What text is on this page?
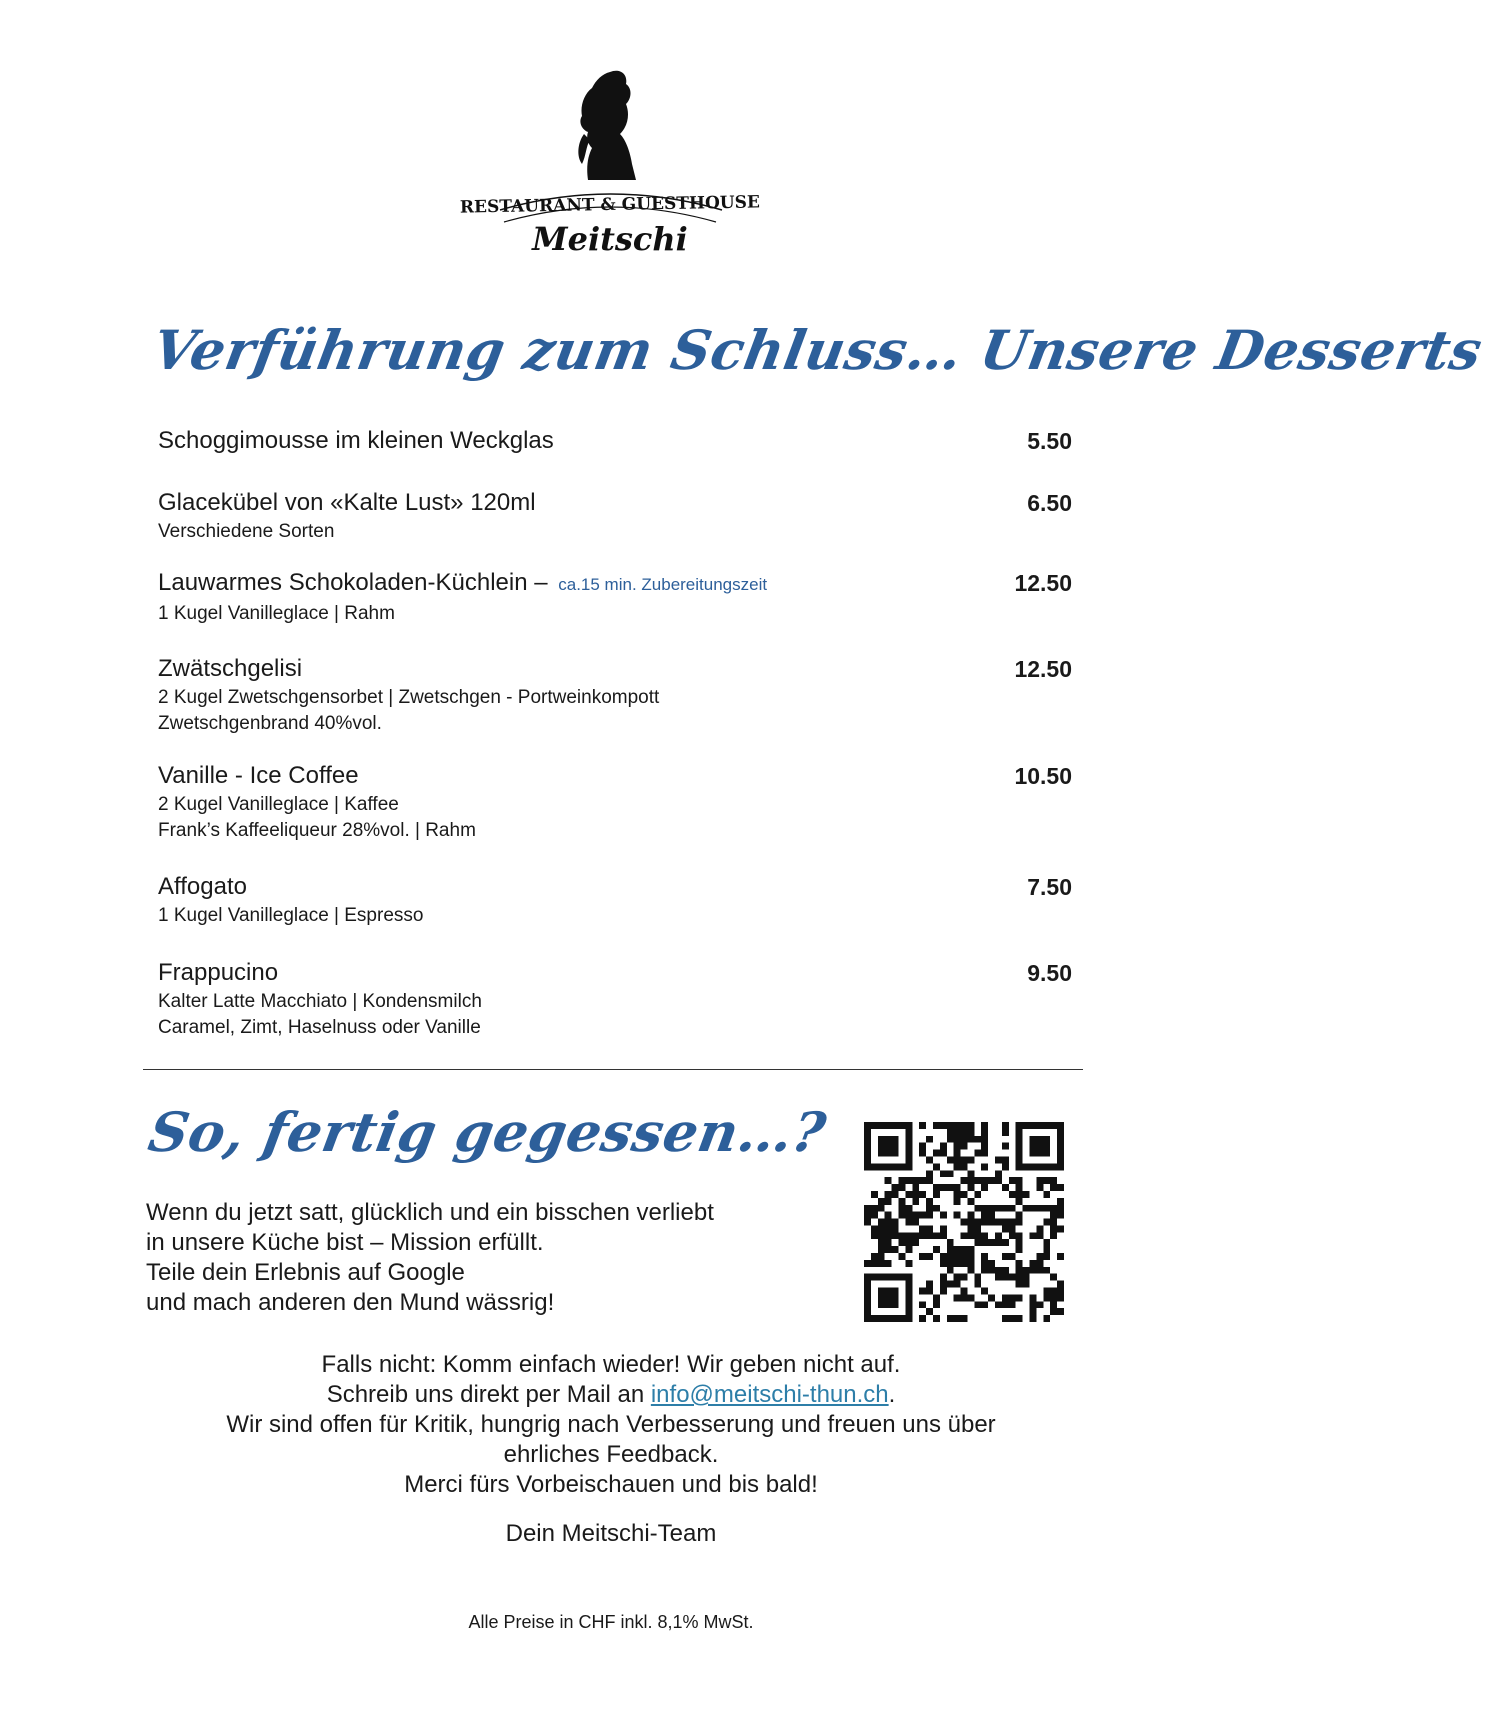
RESTAURANT & GUESTHOUSE
Meitschi
Verführung zum Schluss… Unsere Desserts
Schoggimousse im kleinen Weckglas	5.50
Glacekübel von «Kalte Lust» 120ml
Verschiedene Sorten
6.50
Lauwarmes Schokoladen-Küchlein – ca.15 min. Zubereitungszeit
1 Kugel Vanilleglace | Rahm
12.50
Zwätschgelisi
2 Kugel Zwetschgensorbet | Zwetschgen - Portweinkompott
Zwetschgenbrand 40%vol.
12.50
Vanille - Ice Coffee
2 Kugel Vanilleglace | Kaffee
Frank’s Kaffeeliqueur 28%vol. | Rahm
10.50
Affogato
1 Kugel Vanilleglace | Espresso
7.50
Frappucino
Kalter Latte Macchiato | Kondensmilch
Caramel, Zimt, Haselnuss oder Vanille
9.50
So, fertig gegessen…?
Wenn du jetzt satt, glücklich und ein bisschen verliebt
in unsere Küche bist – Mission erfüllt.
Teile dein Erlebnis auf Google
und mach anderen den Mund wässrig!
Falls nicht: Komm einfach wieder! Wir geben nicht auf.
Schreib uns direkt per Mail an info@meitschi-thun.ch.
Wir sind offen für Kritik, hungrig nach Verbesserung und freuen uns über
ehrliches Feedback.
Merci fürs Vorbeischauen und bis bald!
Dein Meitschi-Team
Alle Preise in CHF inkl. 8,1% MwSt.
